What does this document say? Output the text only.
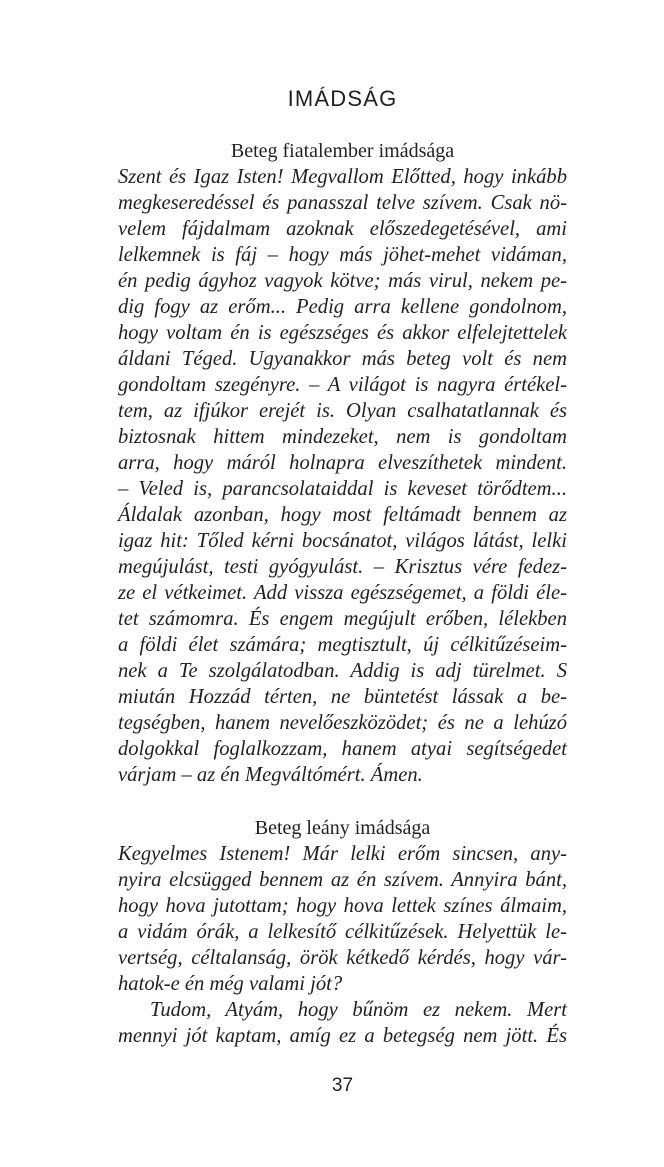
IMÁDSÁG
Beteg fiatalember imádsága
Szent és Igaz Isten! Megvallom Előtted, hogy inkább
megkeseredéssel és panasszal telve szívem. Csak nö-
velem fájdalmam azoknak előszedegetésével, ami
lelkemnek is fáj – hogy más jöhet-mehet vidáman,
én pedig ágyhoz vagyok kötve; más virul, nekem pe-
dig fogy az erőm... Pedig arra kellene gondolnom,
hogy voltam én is egészséges és akkor elfelejtettelek
áldani Téged. Ugyanakkor más beteg volt és nem
gondoltam szegényre. – A világot is nagyra értékel-
tem, az ifjúkor erejét is. Olyan csalhatatlannak és
biztosnak hittem mindezeket, nem is gondoltam
arra, hogy máról holnapra elveszíthetek mindent.
– Veled is, parancsolataiddal is keveset törődtem...
Áldalak azonban, hogy most feltámadt bennem az
igaz hit: Tőled kérni bocsánatot, világos látást, lelki
megújulást, testi gyógyulást. – Krisztus vére fedez-
ze el vétkeimet. Add vissza egészségemet, a földi éle-
tet számomra. És engem megújult erőben, lélekben
a földi élet számára; megtisztult, új célkitűzéseim-
nek a Te szolgálatodban. Addig is adj türelmet. S
miután Hozzád térten, ne büntetést lássak a be-
tegségben, hanem nevelőeszközödet; és ne a lehúzó
dolgokkal foglalkozzam, hanem atyai segítségedet
várjam – az én Megváltómért. Ámen.
Beteg leány imádsága
Kegyelmes Istenem! Már lelki erőm sincsen, any-
nyira elcsügged bennem az én szívem. Annyira bánt,
hogy hova jutottam; hogy hova lettek színes álmaim,
a vidám órák, a lelkesítő célkitűzések. Helyettük le-
vertség, céltalanság, örök kétkedő kérdés, hogy vár-
hatok-e én még valami jót?
Tudom, Atyám, hogy bűnöm ez nekem. Mert
mennyi jót kaptam, amíg ez a betegség nem jött. És
37
